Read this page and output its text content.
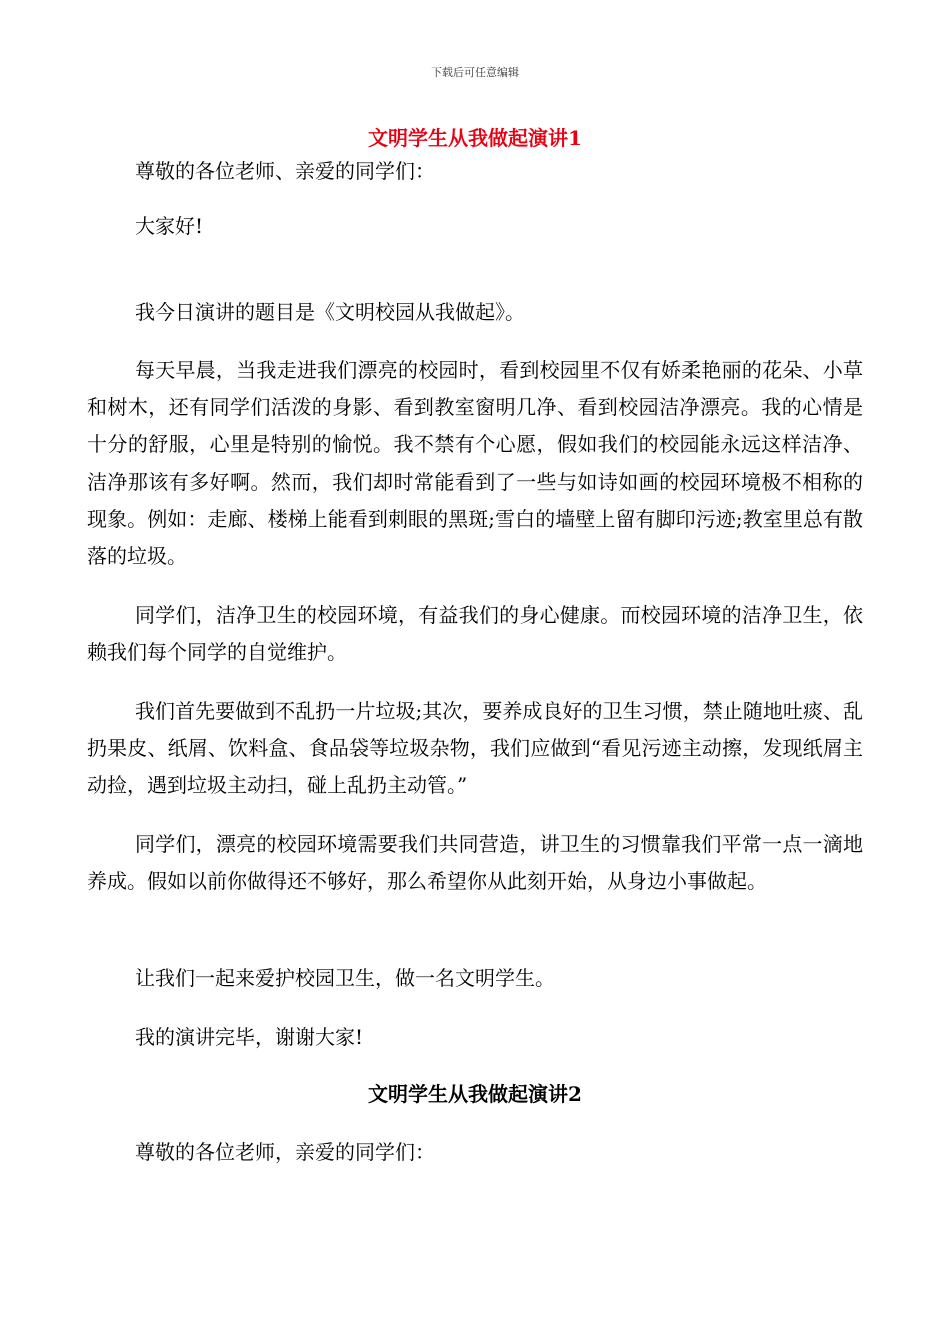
下载后可任意编辑
文明学生从我做起演讲1

尊敬的各位老师、亲爱的同学们：

大家好!

我今日演讲的题目是《文明校园从我做起》。

每天早晨，当我走进我们漂亮的校园时，看到校园里不仅有娇柔艳丽的花朵、小草和树木，还有同学们活泼的身影、看到教室窗明几净、看到校园洁净漂亮。我的心情是十分的舒服，心里是特别的愉悦。我不禁有个心愿，假如我们的校园能永远这样洁净、洁净那该有多好啊。然而，我们却时常能看到了一些与如诗如画的校园环境极不相称的现象。例如：走廊、楼梯上能看到刺眼的黑斑;雪白的墙壁上留有脚印污迹;教室里总有散落的垃圾。

同学们，洁净卫生的校园环境，有益我们的身心健康。而校园环境的洁净卫生，依赖我们每个同学的自觉维护。

我们首先要做到不乱扔一片垃圾;其次，要养成良好的卫生习惯，禁止随地吐痰、乱扔果皮、纸屑、饮料盒、食品袋等垃圾杂物，我们应做到“看见污迹主动擦，发现纸屑主动捡，遇到垃圾主动扫，碰上乱扔主动管。”

同学们，漂亮的校园环境需要我们共同营造，讲卫生的习惯靠我们平常一点一滴地养成。假如以前你做得还不够好，那么希望你从此刻开始，从身边小事做起。

让我们一起来爱护校园卫生，做一名文明学生。

我的演讲完毕，谢谢大家!

文明学生从我做起演讲2

尊敬的各位老师，亲爱的同学们：
